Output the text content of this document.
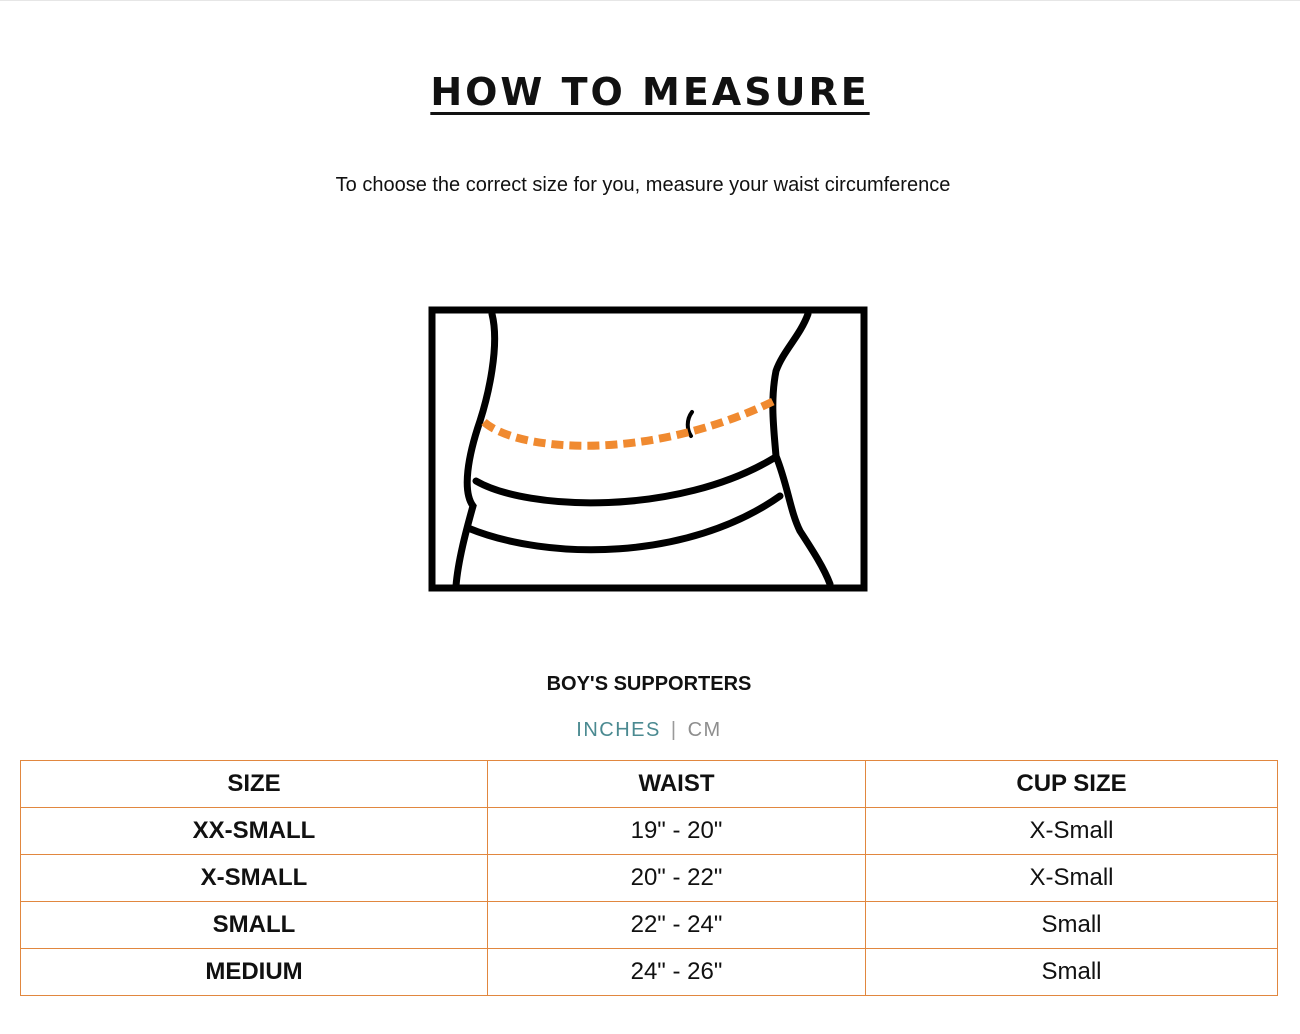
HOW TO MEASURE
To choose the correct size for you, measure your waist circumference
BOY'S SUPPORTERS
INCHES | CM
SIZE	WAIST	CUP SIZE
XX-SMALL	19" - 20"	X-Small
X-SMALL	20" - 22"	X-Small
SMALL	22" - 24"	Small
MEDIUM	24" - 26"	Small
